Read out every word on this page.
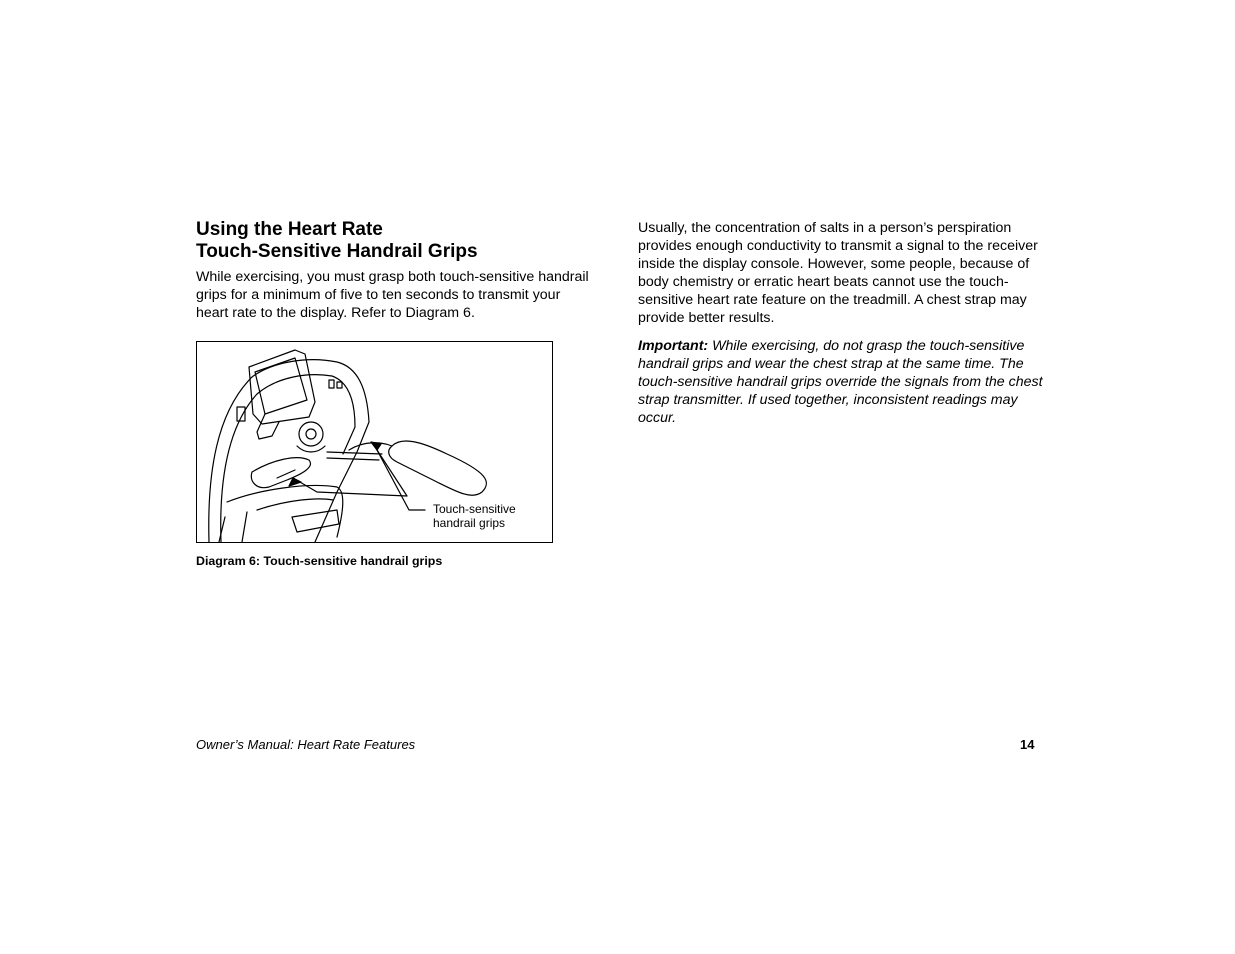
Using the Heart Rate
Touch-Sensitive Handrail Grips

While exercising, you must grasp both touch-sensitive handrail grips for a minimum of five to ten seconds to transmit your heart rate to the display. Refer to Diagram 6.

Touch-sensitive
handrail grips
Diagram 6: Touch-sensitive handrail grips

Usually, the concentration of salts in a person’s perspiration provides enough conductivity to transmit a signal to the receiver inside the display console. However, some people, because of body chemistry or erratic heart beats cannot use the touch-sensitive heart rate feature on the treadmill. A chest strap may provide better results.

Important: While exercising, do not grasp the touch-sensitive handrail grips and wear the chest strap at the same time. The touch-sensitive handrail grips override the signals from the chest strap transmitter. If used together, inconsistent readings may occur.

Owner’s Manual: Heart Rate Features	14
